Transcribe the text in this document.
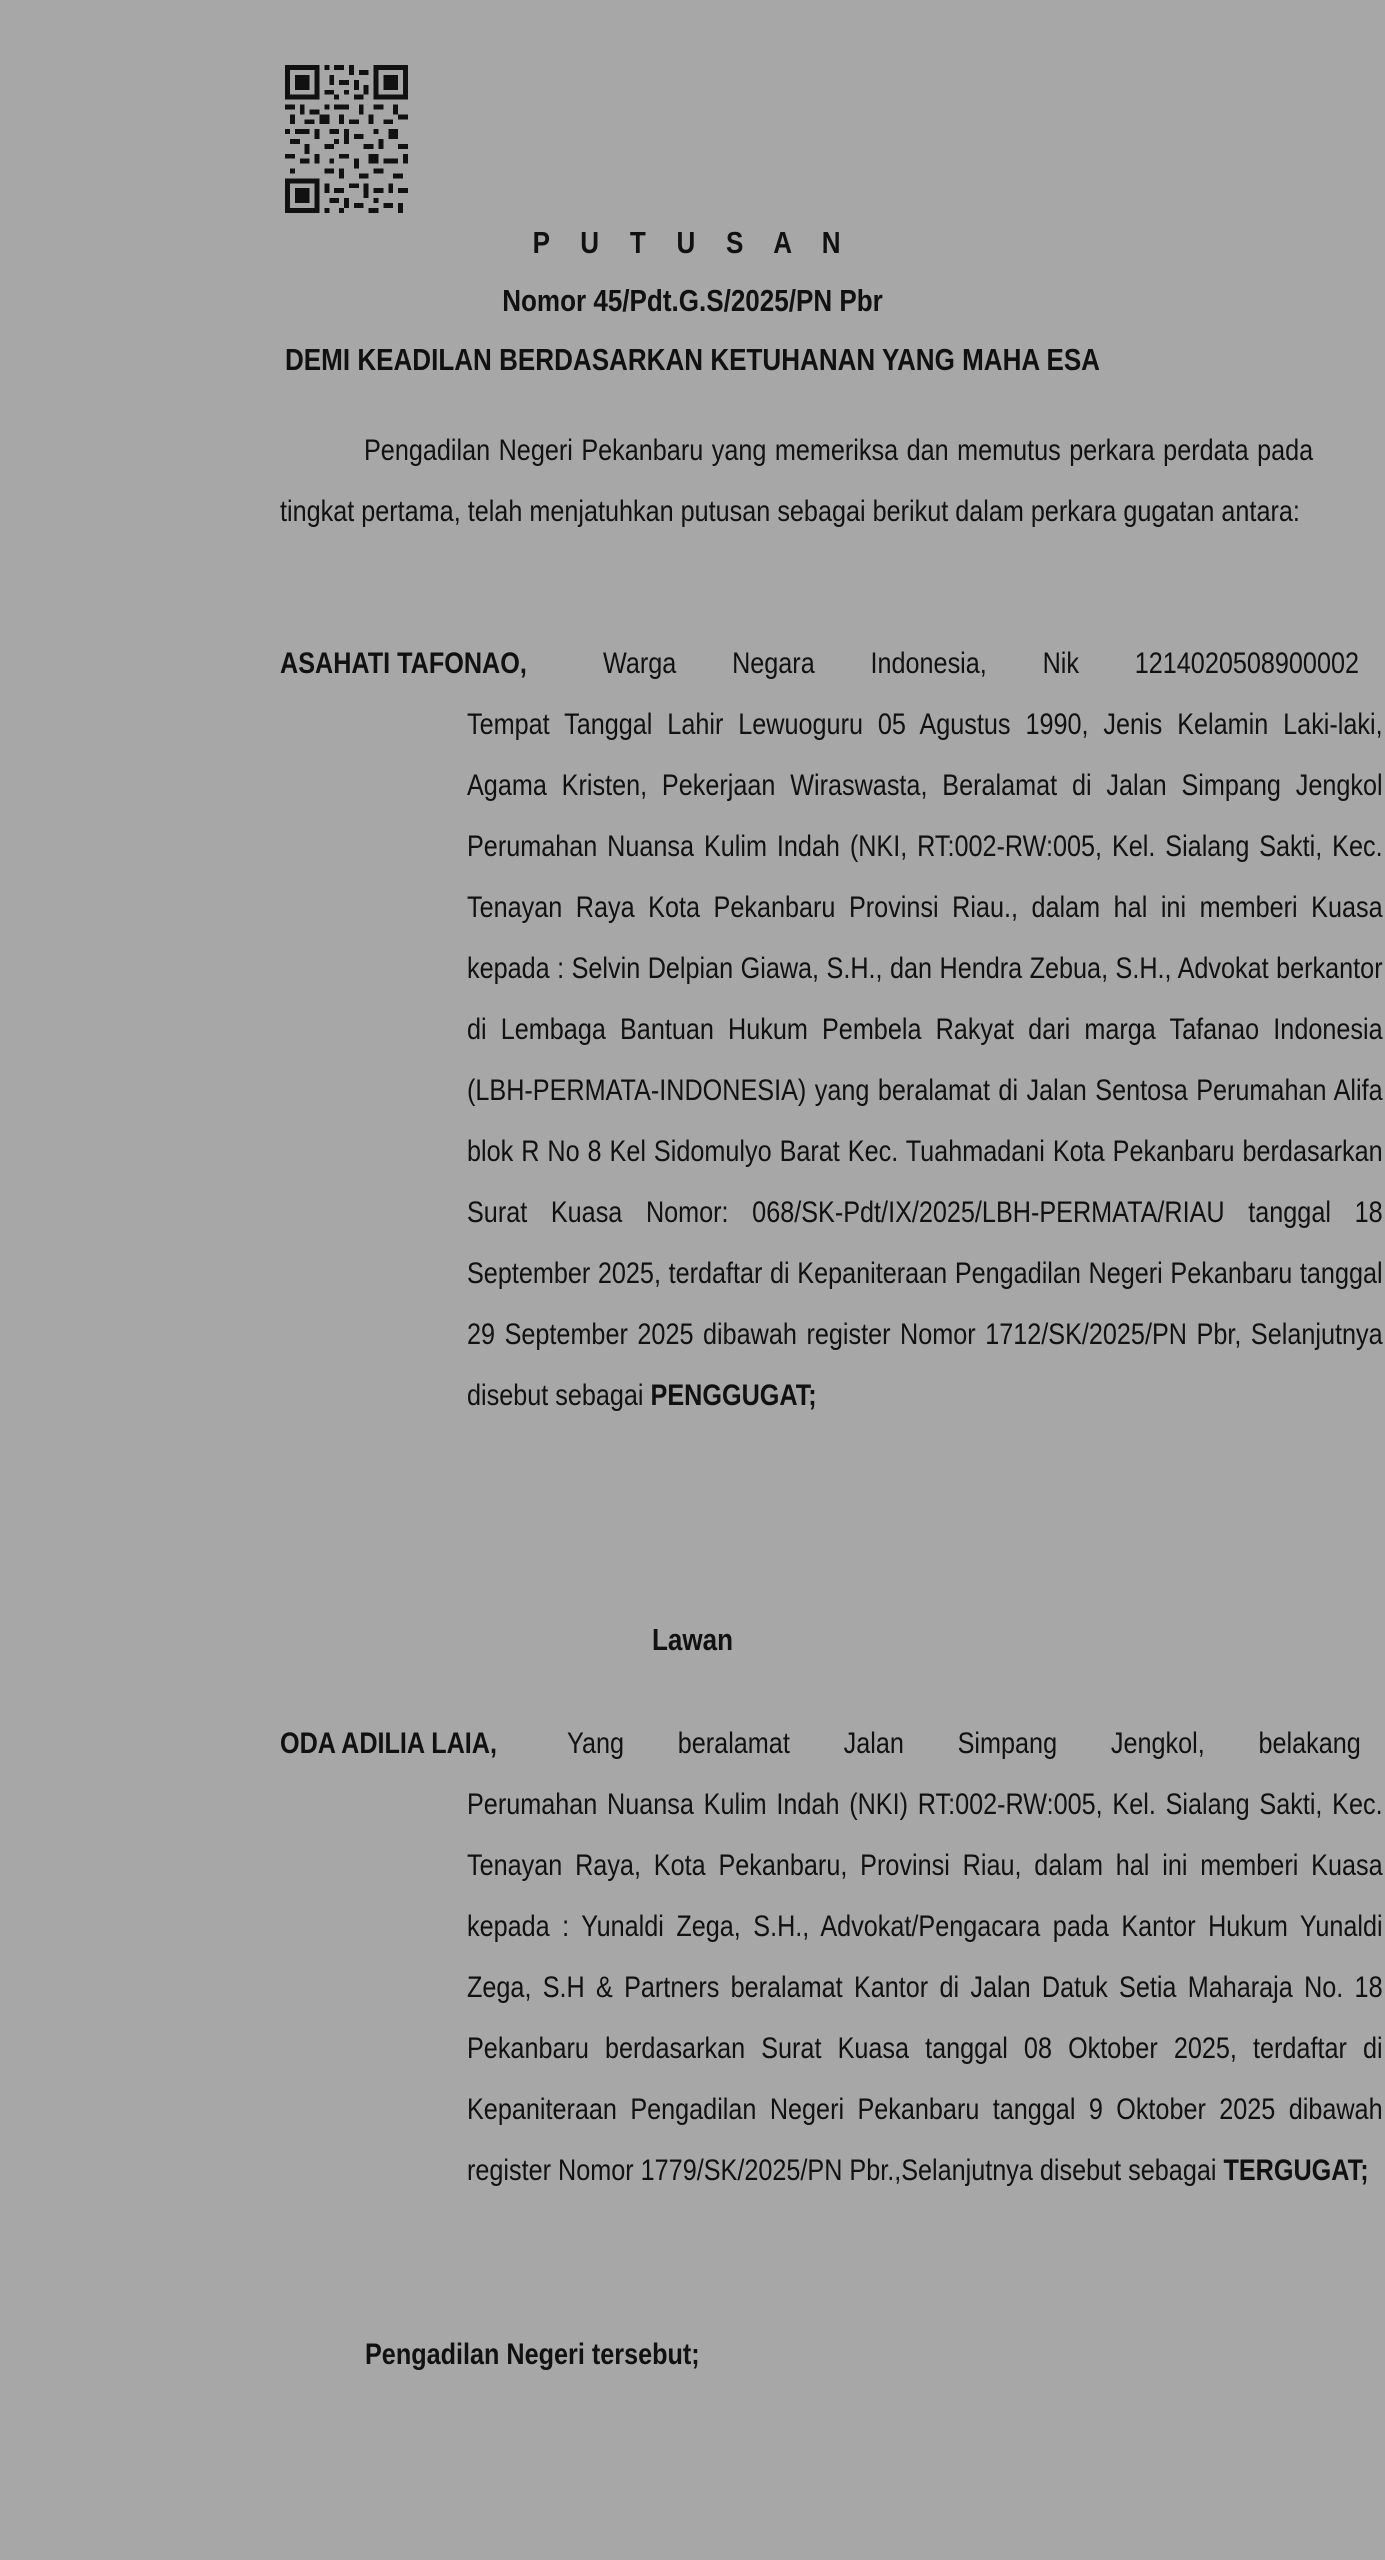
P U T U S A N
Nomor 45/Pdt.G.S/2025/PN Pbr
DEMI KEADILAN BERDASARKAN KETUHANAN YANG MAHA ESA
Pengadilan Negeri Pekanbaru yang memeriksa dan memutus perkara perdata pada tingkat pertama, telah menjatuhkan putusan sebagai berikut dalam perkara gugatan antara:
ASAHATI TAFONAO,	Warga Negara Indonesia, Nik 1214020508900002
Tempat Tanggal Lahir Lewuoguru 05 Agustus 1990, Jenis Kelamin Laki-laki, Agama Kristen, Pekerjaan Wiraswasta, Beralamat di Jalan Simpang Jengkol Perumahan Nuansa Kulim Indah (NKI, RT:002-RW:005, Kel. Sialang Sakti, Kec. Tenayan Raya Kota Pekanbaru Provinsi Riau., dalam hal ini memberi Kuasa kepada : Selvin Delpian Giawa, S.H., dan Hendra Zebua, S.H., Advokat berkantor di Lembaga Bantuan Hukum Pembela Rakyat dari marga Tafanao Indonesia (LBH-PERMATA-INDONESIA) yang beralamat di Jalan Sentosa Perumahan Alifa blok R No 8 Kel Sidomulyo Barat Kec. Tuahmadani Kota Pekanbaru berdasarkan Surat Kuasa Nomor: 068/SK-Pdt/IX/2025/LBH-PERMATA/RIAU tanggal 18 September 2025, terdaftar di Kepaniteraan Pengadilan Negeri Pekanbaru tanggal 29 September 2025 dibawah register Nomor 1712/SK/2025/PN Pbr, Selanjutnya disebut sebagai PENGGUGAT;
Lawan
ODA ADILIA LAIA, Yang beralamat Jalan Simpang Jengkol, belakang
Perumahan Nuansa Kulim Indah (NKI) RT:002-RW:005, Kel. Sialang Sakti, Kec. Tenayan Raya, Kota Pekanbaru, Provinsi Riau, dalam hal ini memberi Kuasa kepada : Yunaldi Zega, S.H., Advokat/Pengacara pada Kantor Hukum Yunaldi Zega, S.H & Partners beralamat Kantor di Jalan Datuk Setia Maharaja No. 18 Pekanbaru berdasarkan Surat Kuasa tanggal 08 Oktober 2025, terdaftar di Kepaniteraan Pengadilan Negeri Pekanbaru tanggal 9 Oktober 2025 dibawah register Nomor 1779/SK/2025/PN Pbr.,Selanjutnya disebut sebagai TERGUGAT;
Pengadilan Negeri tersebut;
